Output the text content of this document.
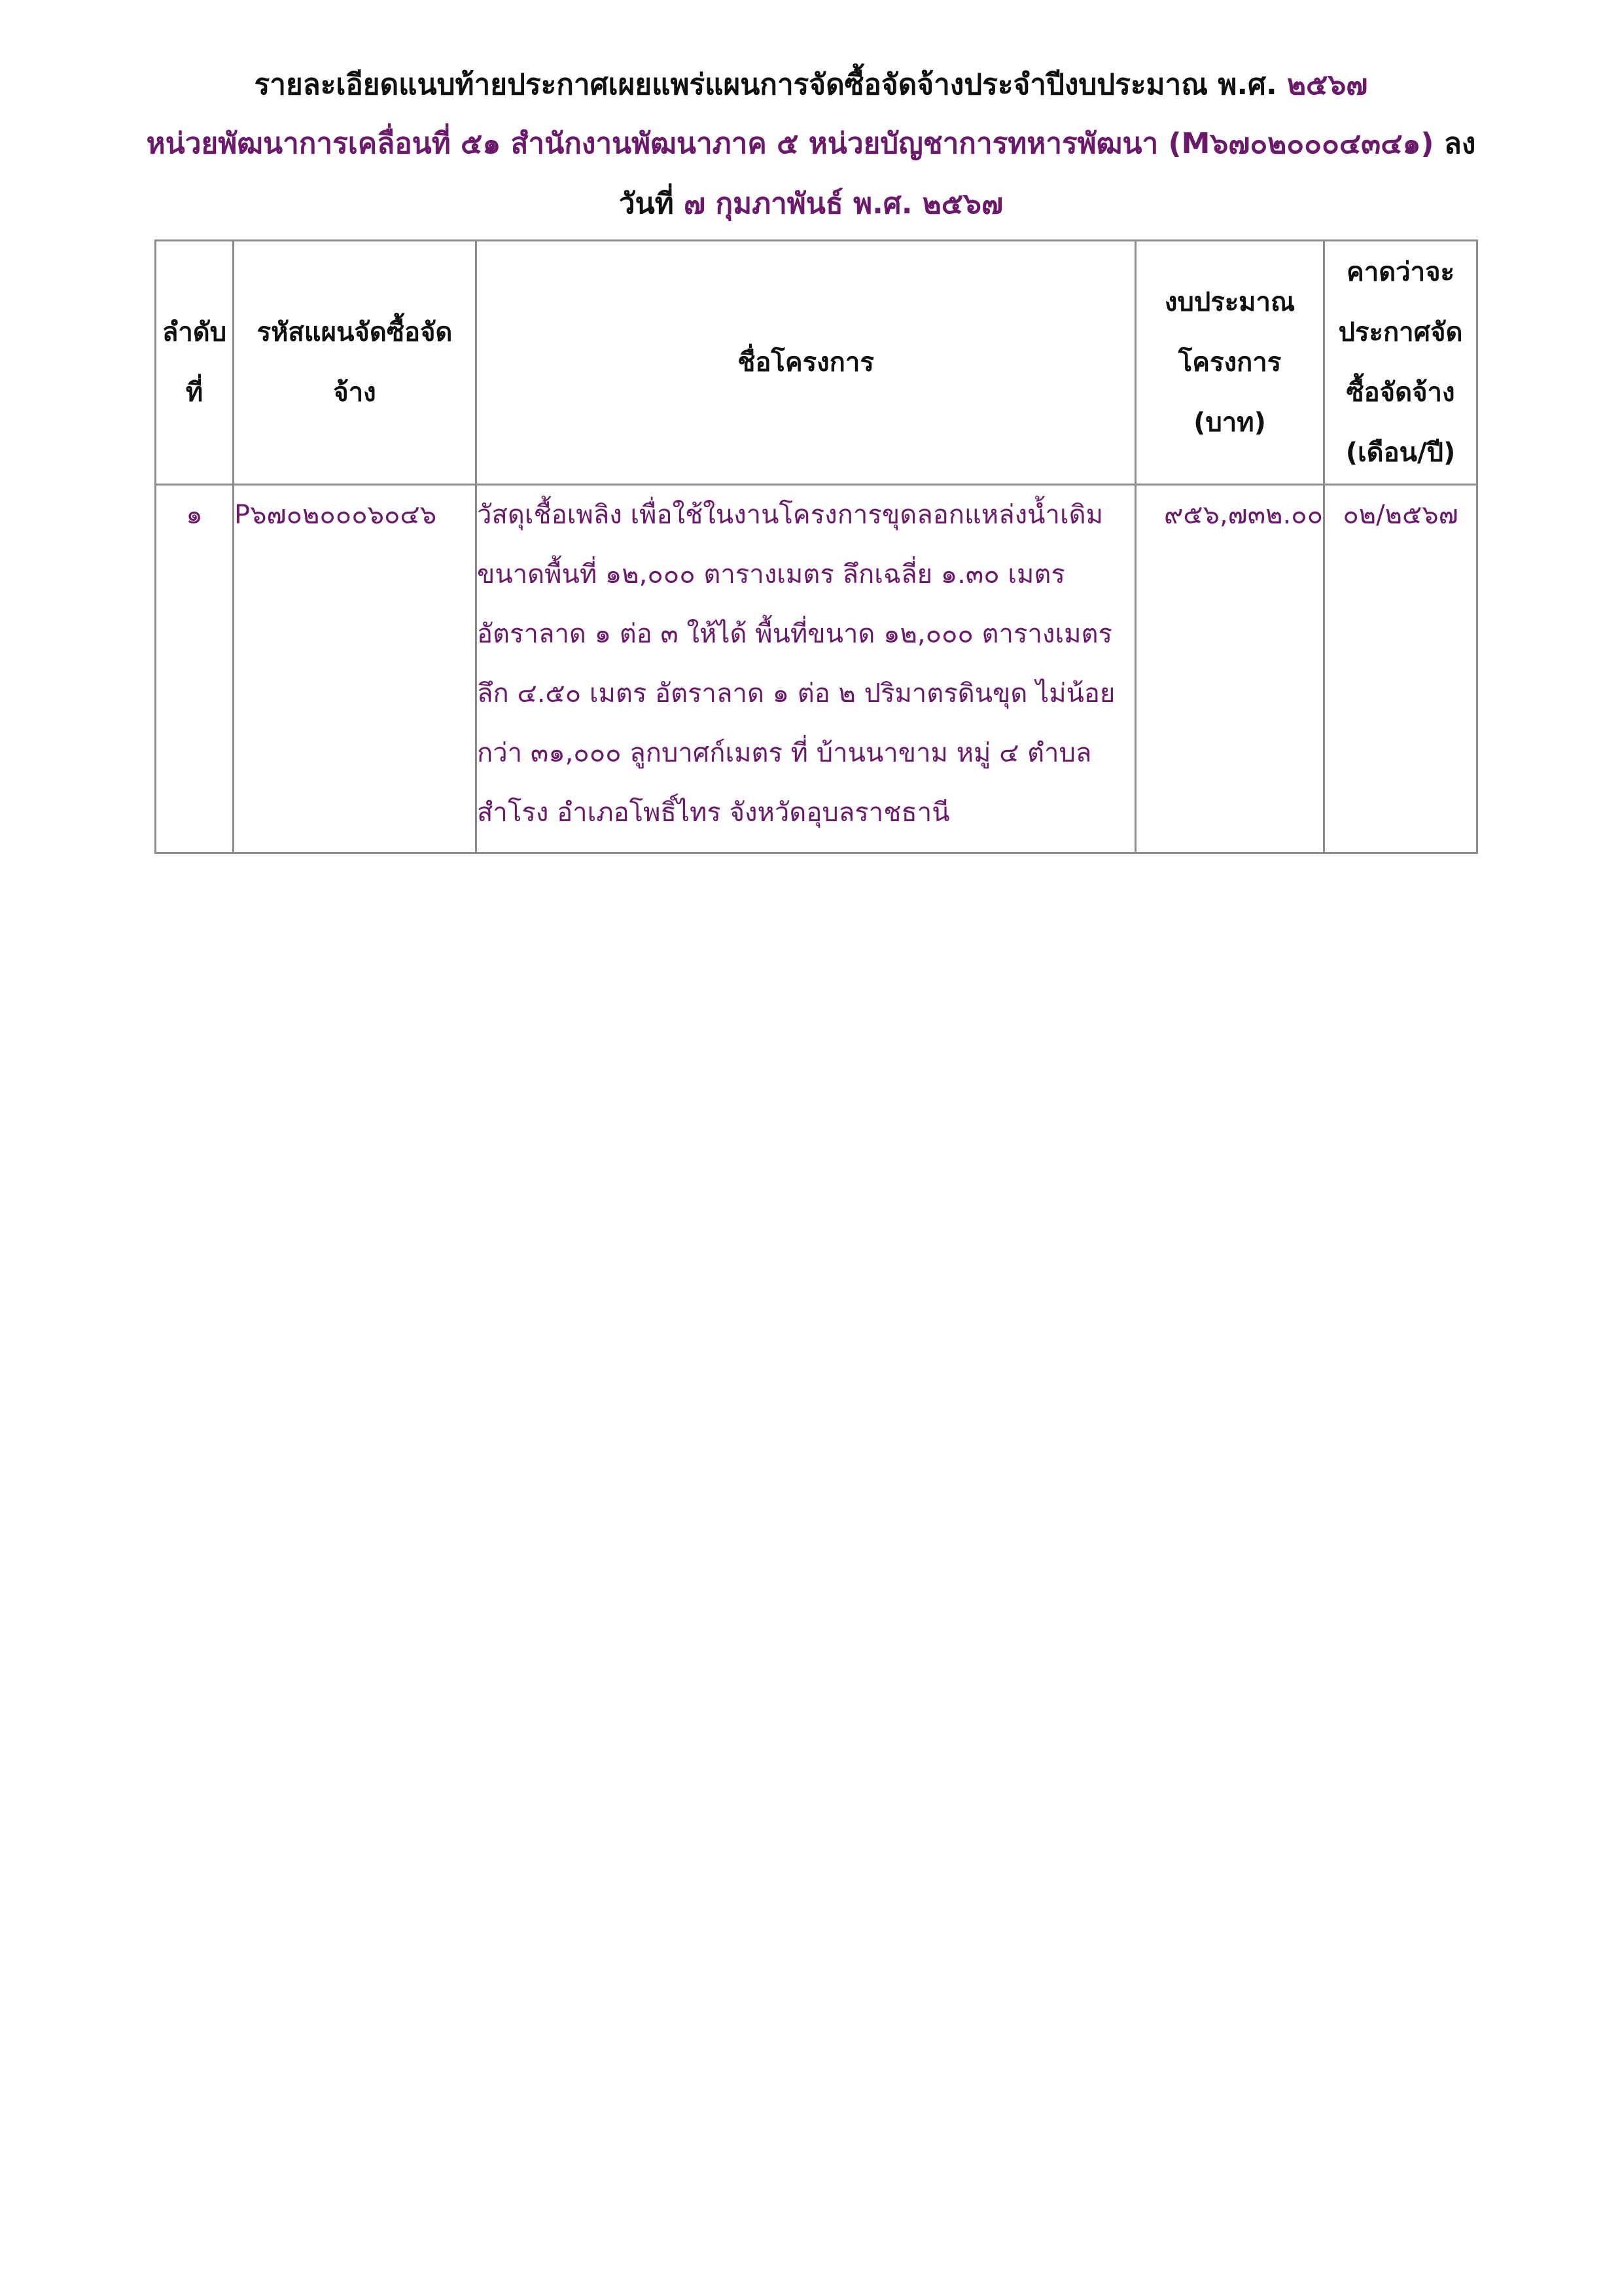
รายละเอียดแนบท้ายประกาศเผยแพร่แผนการจัดซื้อจัดจ้างประจำปีงบประมาณ พ.ศ. ๒๕๖๗
หน่วยพัฒนาการเคลื่อนที่ ๕๑ สำนักงานพัฒนาภาค ๕ หน่วยบัญชาการทหารพัฒนา (M๖๗๐๒๐๐๐๔๓๔๑) ลง
วันที่ ๗ กุมภาพันธ์ พ.ศ. ๒๕๖๗
ลำดับที่	รหัสแผนจัดซื้อจัดจ้าง	ชื่อโครงการ	งบประมาณโครงการ (บาท)	คาดว่าจะประกาศจัดซื้อจัดจ้าง (เดือน/ปี)
๑	P๖๗๐๒๐๐๐๖๐๔๖	วัสดุเชื้อเพลิง เพื่อใช้ในงานโครงการขุดลอกแหล่งน้ำเดิม ขนาดพื้นที่ ๑๒,๐๐๐ ตารางเมตร ลึกเฉลี่ย ๑.๓๐ เมตร อัตราลาด ๑ ต่อ ๓ ให้ได้ พื้นที่ขนาด ๑๒,๐๐๐ ตารางเมตร ลึก ๔.๕๐ เมตร อัตราลาด ๑ ต่อ ๒ ปริมาตรดินขุด ไม่น้อยกว่า ๓๑,๐๐๐ ลูกบาศก์เมตร ที่ บ้านนาขาม หมู่ ๔ ตำบลสำโรง อำเภอโพธิ์ไทร จังหวัดอุบลราชธานี	๙๕๖,๗๓๒.๐๐	๐๒/๒๕๖๗
